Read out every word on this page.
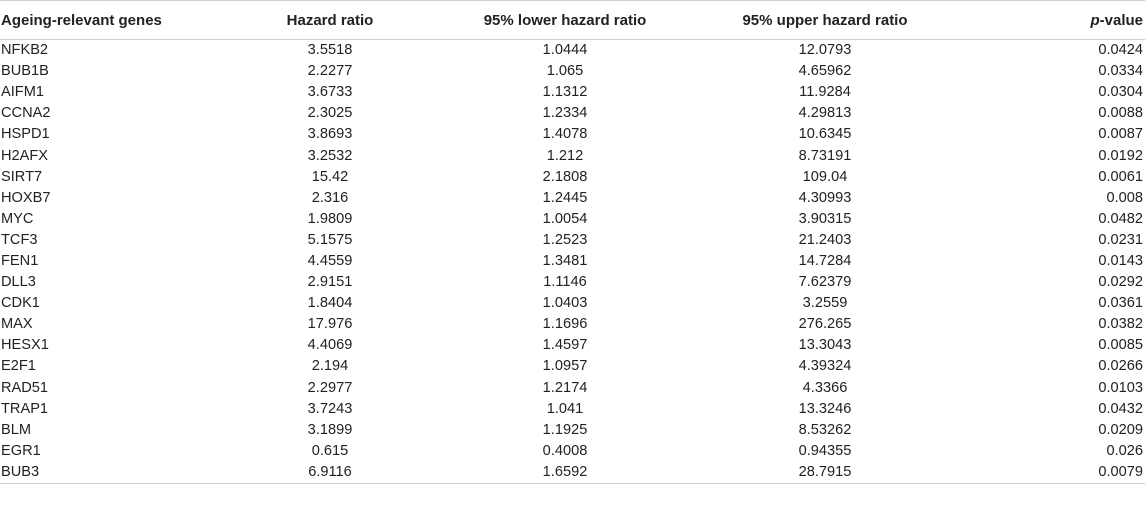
Ageing-relevant genes	Hazard ratio	95% lower hazard ratio	95% upper hazard ratio	p-value
NFKB2	3.5518	1.0444	12.0793	0.0424
BUB1B	2.2277	1.065	4.65962	0.0334
AIFM1	3.6733	1.1312	11.9284	0.0304
CCNA2	2.3025	1.2334	4.29813	0.0088
HSPD1	3.8693	1.4078	10.6345	0.0087
H2AFX	3.2532	1.212	8.73191	0.0192
SIRT7	15.42	2.1808	109.04	0.0061
HOXB7	2.316	1.2445	4.30993	0.008
MYC	1.9809	1.0054	3.90315	0.0482
TCF3	5.1575	1.2523	21.2403	0.0231
FEN1	4.4559	1.3481	14.7284	0.0143
DLL3	2.9151	1.1146	7.62379	0.0292
CDK1	1.8404	1.0403	3.2559	0.0361
MAX	17.976	1.1696	276.265	0.0382
HESX1	4.4069	1.4597	13.3043	0.0085
E2F1	2.194	1.0957	4.39324	0.0266
RAD51	2.2977	1.2174	4.3366	0.0103
TRAP1	3.7243	1.041	13.3246	0.0432
BLM	3.1899	1.1925	8.53262	0.0209
EGR1	0.615	0.4008	0.94355	0.026
BUB3	6.9116	1.6592	28.7915	0.0079
